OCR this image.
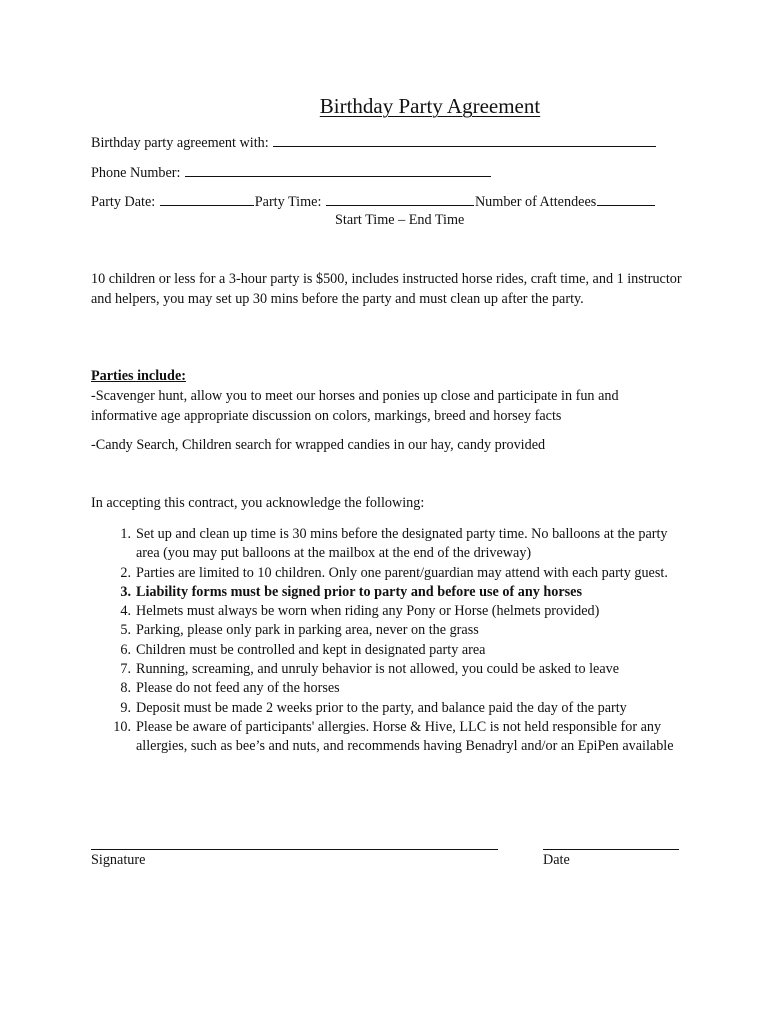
Birthday Party Agreement
Birthday party agreement with:
Phone Number:
Party Date:	Party Time:	Number of Attendees
Start Time – End Time
10 children or less for a 3-hour party is $500, includes instructed horse rides, craft time, and 1 instructor and helpers, you may set up 30 mins before the party and must clean up after the party.
Parties include:
-Scavenger hunt, allow you to meet our horses and ponies up close and participate in fun and informative age appropriate discussion on colors, markings, breed and horsey facts
-Candy Search, Children search for wrapped candies in our hay, candy provided
In accepting this contract, you acknowledge the following:
1. Set up and clean up time is 30 mins before the designated party time. No balloons at the party area (you may put balloons at the mailbox at the end of the driveway)
2. Parties are limited to 10 children. Only one parent/guardian may attend with each party guest.
3. Liability forms must be signed prior to party and before use of any horses
4. Helmets must always be worn when riding any Pony or Horse (helmets provided)
5. Parking, please only park in parking area, never on the grass
6. Children must be controlled and kept in designated party area
7. Running, screaming, and unruly behavior is not allowed, you could be asked to leave
8. Please do not feed any of the horses
9. Deposit must be made 2 weeks prior to the party, and balance paid the day of the party
10. Please be aware of participants' allergies. Horse & Hive, LLC is not held responsible for any allergies, such as bee’s and nuts, and recommends having Benadryl and/or an EpiPen available
Signature	Date
